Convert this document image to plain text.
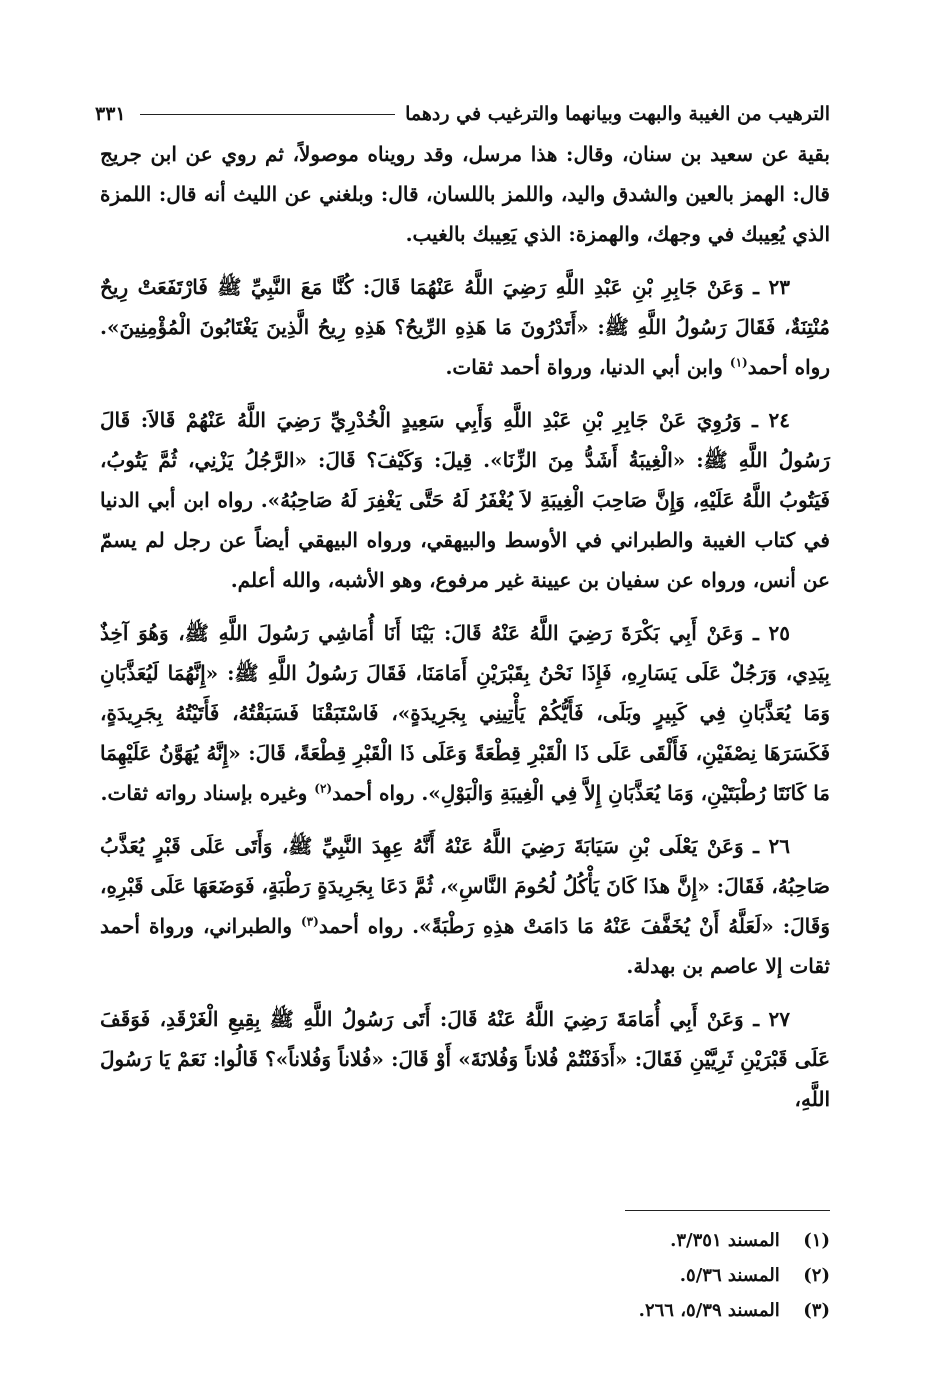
الترهيب من الغيبة والبهت وبيانهما والترغيب في ردهما
٣٣١

بقية عن سعيد بن سنان، وقال: هذا مرسل، وقد رويناه موصولاً، ثم روي عن ابن جريج قال: الهمز بالعين والشدق واليد، واللمز باللسان، قال: وبلغني عن الليث أنه قال: اللمزة الذي يُعِيبك في وجهك، والهمزة: الذي يَعِيبك بالغيب.

٢٣ ـ وَعَنْ جَابِرِ بْنِ عَبْدِ اللَّهِ رَضِيَ اللَّهُ عَنْهُمَا قَالَ: كُنَّا مَعَ النَّبِيِّ ﷺ فَارْتَفَعَتْ رِيحٌ مُنْتِنَةٌ، فَقَالَ رَسُولُ اللَّهِ ﷺ: «أَتَدْرُونَ مَا هَذِهِ الرِّيحُ؟ هَذِهِ رِيحُ الَّذِينَ يَغْتَابُونَ الْمُؤْمِنِينَ». رواه أحمد$^{(١)}$ وابن أبي الدنيا، ورواة أحمد ثقات.

٢٤ ـ وَرُوِيَ عَنْ جَابِرِ بْنِ عَبْدِ اللَّهِ وَأَبِي سَعِيدٍ الْخُدْرِيِّ رَضِيَ اللَّهُ عَنْهُمْ قَالاَ: قَالَ رَسُولُ اللَّهِ ﷺ: «الْغِيبَةُ أَشَدُّ مِنَ الزِّنَا». قِيلَ: وَكَيْفَ؟ قَالَ: «الرَّجُلُ يَزْنِي، ثُمَّ يَتُوبُ، فَيَتُوبُ اللَّهُ عَلَيْهِ، وَإِنَّ صَاحِبَ الْغِيبَةِ لاَ يُغْفَرُ لَهُ حَتَّى يَغْفِرَ لَهُ صَاحِبُهُ». رواه ابن أبي الدنيا في كتاب الغيبة والطبراني في الأوسط والبيهقي، ورواه البيهقي أيضاً عن رجل لم يسمّ عن أنس، ورواه عن سفيان بن عيينة غير مرفوع، وهو الأشبه، والله أعلم.

٢٥ ـ وَعَنْ أَبِي بَكْرَةَ رَضِيَ اللَّهُ عَنْهُ قَالَ: بَيْنَا أَنَا أُمَاشِي رَسُولَ اللَّهِ ﷺ، وَهُوَ آخِذٌ بِيَدِي، وَرَجُلٌ عَلَى يَسَارِهِ، فَإِذَا نَحْنُ بِقَبْرَيْنِ أَمَامَنَا، فَقَالَ رَسُولُ اللَّهِ ﷺ: «إِنَّهُمَا لَيُعَذَّبَانِ وَمَا يُعَذَّبَانِ فِي كَبِيرٍ وبَلَى، فَأَيُّكُمْ يَأْتِينِي بِجَرِيدَةٍ»، فَاسْتَبَقْنَا فَسَبَقْتُهُ، فَأَتَيْتُهُ بِجَرِيدَةٍ، فَكَسَرَهَا نِصْفَيْنِ، فَأَلْقَى عَلَى ذَا الْقَبْرِ قِطْعَةً وَعَلَى ذَا الْقَبْرِ قِطْعَةً، قَالَ: «إِنَّهُ يُهَوَّنُ عَلَيْهِمَا مَا كَانَتَا رُطْبَتَيْنِ، وَمَا يُعَذَّبَانِ إِلاَّ فِي الْغِيبَةِ وَالْبَوْلِ». رواه أحمد$^{(٢)}$ وغيره بإسناد رواته ثقات.

٢٦ ـ وَعَنْ يَعْلَى بْنِ سَيَابَةَ رَضِيَ اللَّهُ عَنْهُ أَنَّهُ عِهِدَ النَّبِيِّ ﷺ، وَأَتَى عَلَى قَبْرٍ يُعَذَّبُ صَاحِبُهُ، فَقَالَ: «إِنَّ هذَا كَانَ يَأْكُلُ لُحُومَ النَّاسِ»، ثُمَّ دَعَا بِجَرِيدَةٍ رَطْبَةٍ، فَوَضَعَهَا عَلَى قَبْرِهِ، وَقَالَ: «لَعَلَّهُ أَنْ يُخَفَّفَ عَنْهُ مَا دَامَتْ هذِهِ رَطْبَةً». رواه أحمد$^{(٣)}$ والطبراني، ورواة أحمد ثقات إلا عاصم بن بهدلة.

٢٧ ـ وَعَنْ أَبِي أُمَامَةَ رَضِيَ اللَّهُ عَنْهُ قَالَ: أَتَى رَسُولُ اللَّهِ ﷺ بِقِيعِ الْغَرْقَدِ، فَوَقَفَ عَلَى قَبْرَيْنِ ثَرِيَّيْنِ فَقَالَ: «أَدَفَنْتُمْ فُلاناً وَفُلانَةَ» أَوْ قَالَ: «فُلاناً وَفُلاناً»؟ قَالُوا: نَعَمْ يَا رَسُولَ اللَّهِ،

(١) المسند ٣/٣٥١.
(٢) المسند ٥/٣٦.
(٣) المسند ٥/٣٩، ٢٦٦.
